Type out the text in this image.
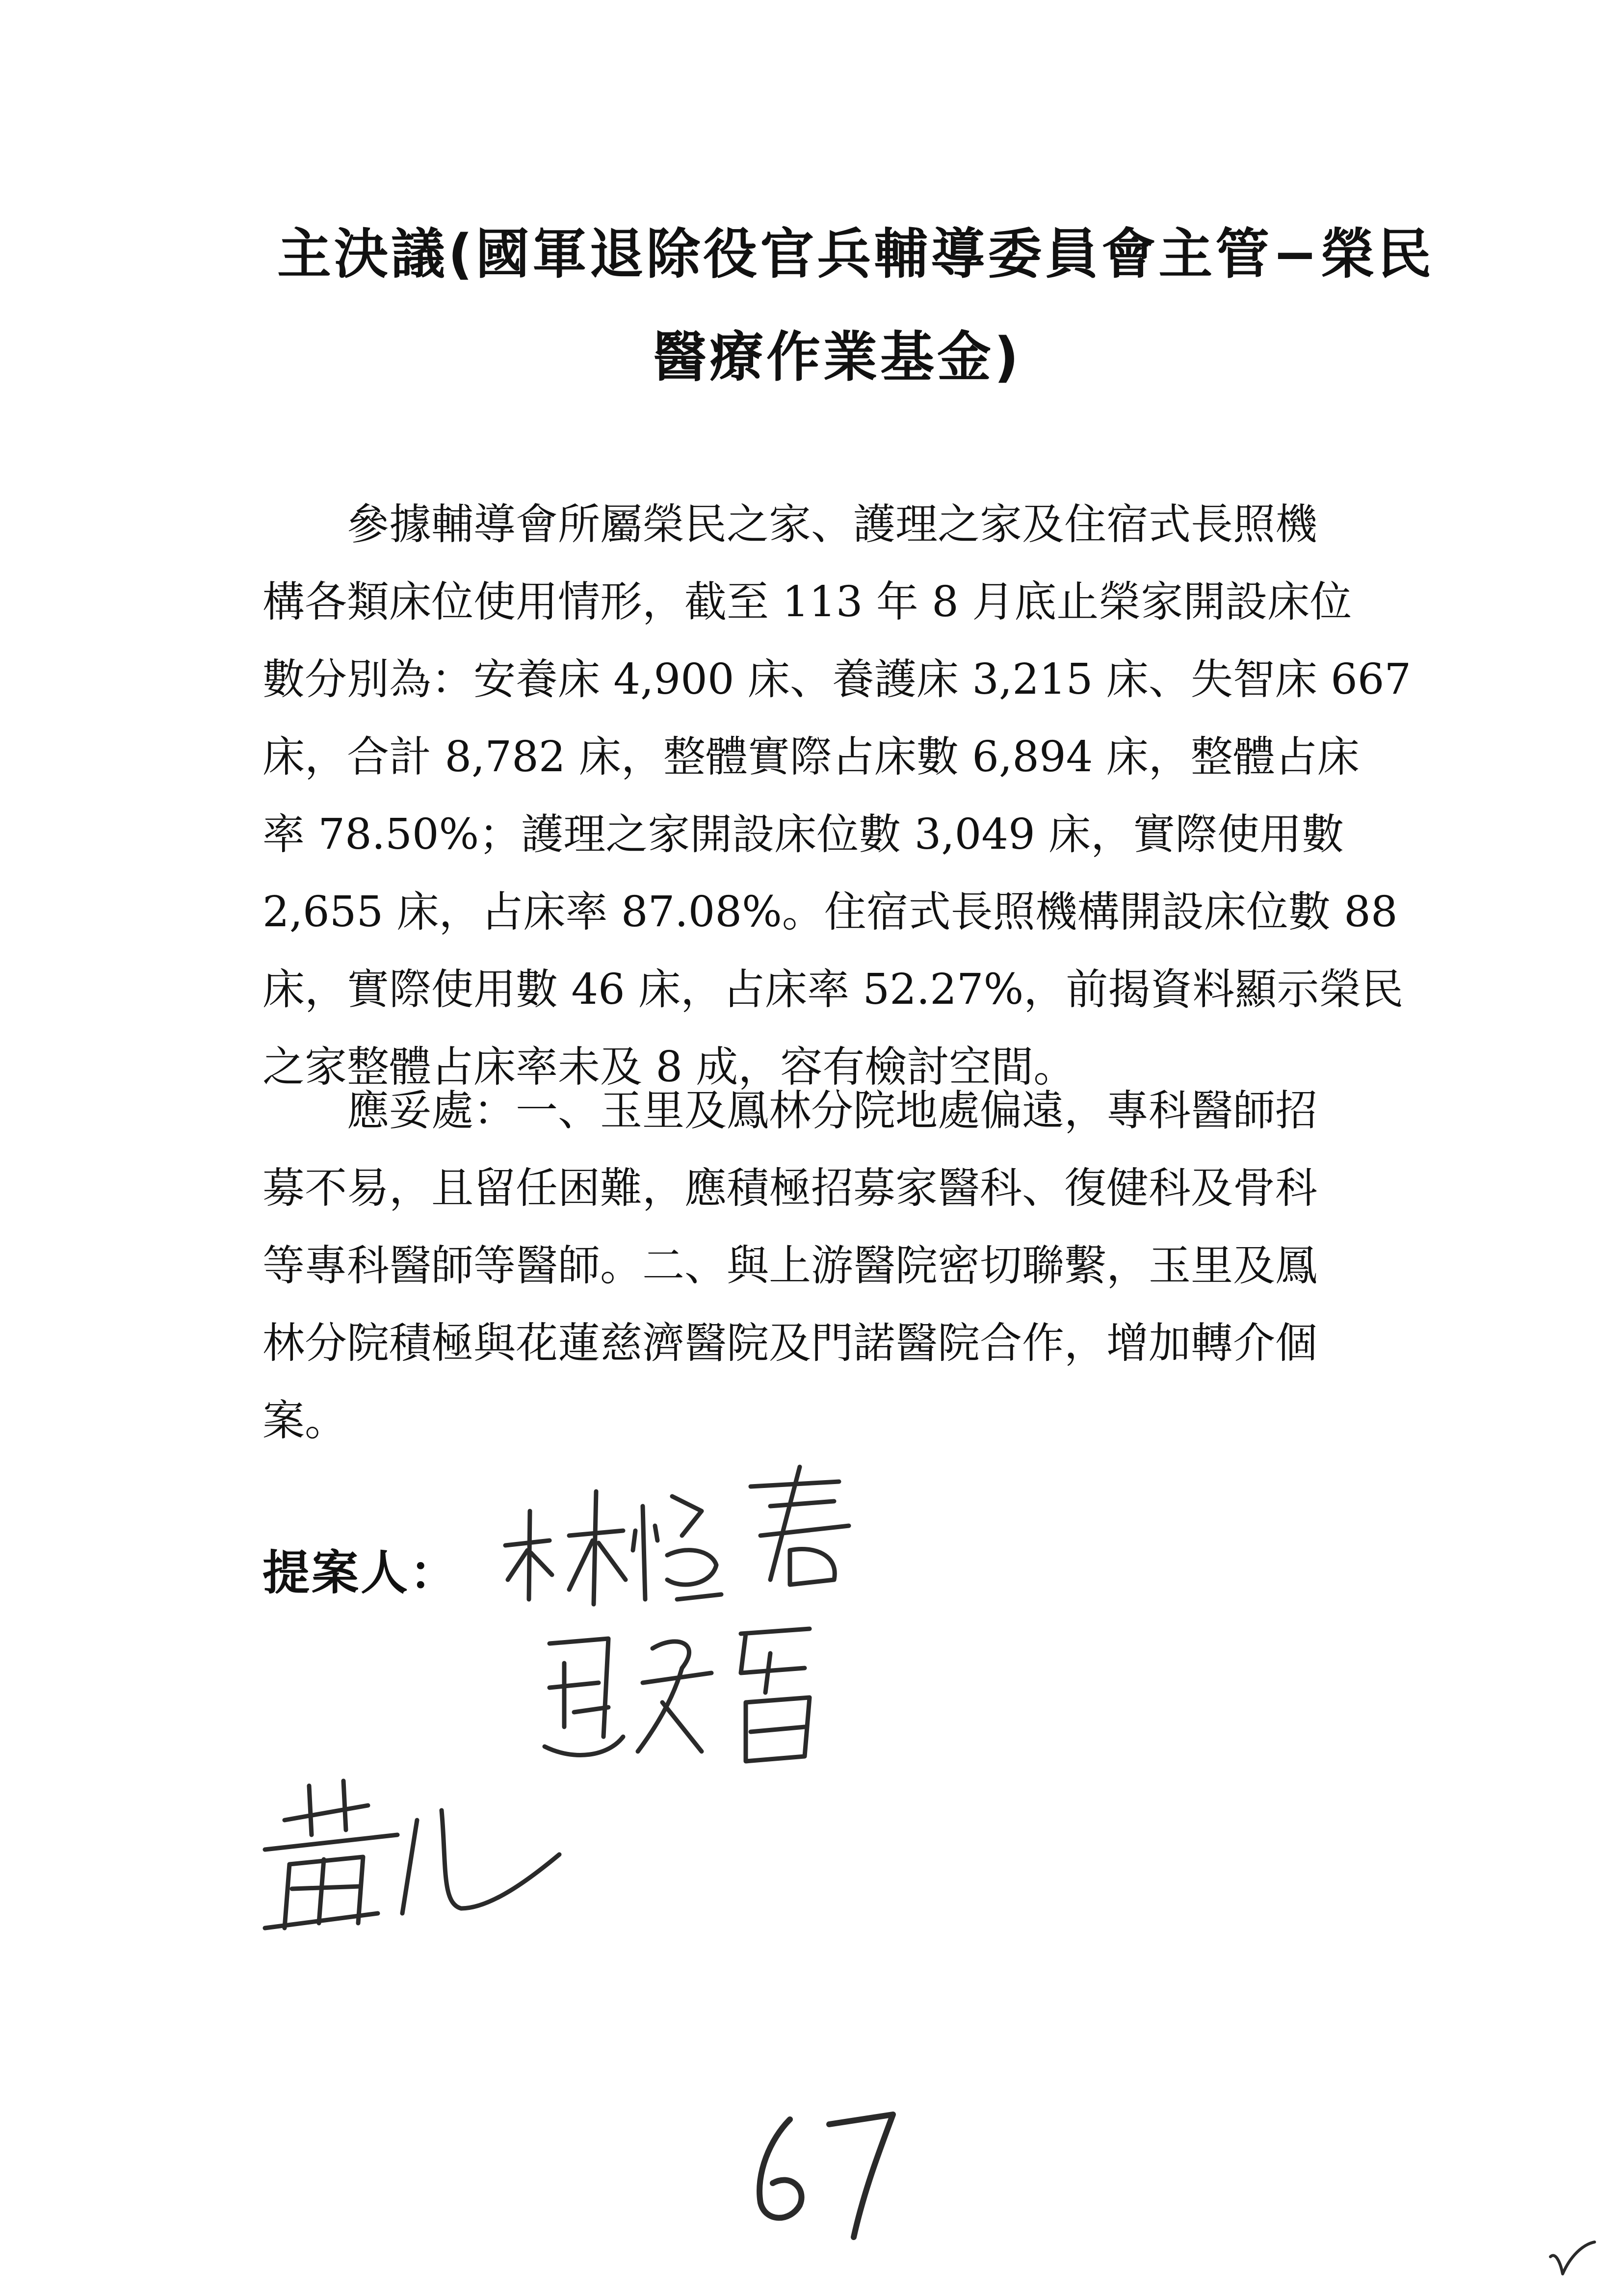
主決議(國軍退除役官兵輔導委員會主管−榮民
醫療作業基金)
　　參據輔導會所屬榮民之家、護理之家及住宿式長照機
構各類床位使用情形，截至 113 年 8 月底止榮家開設床位
數分別為：安養床 4,900 床、養護床 3,215 床、失智床 667
床，合計 8,782 床，整體實際占床數 6,894 床，整體占床
率 78.50%；護理之家開設床位數 3,049 床，實際使用數
2,655 床，占床率 87.08%。住宿式長照機構開設床位數 88
床，實際使用數 46 床，占床率 52.27%，前揭資料顯示榮民
之家整體占床率未及 8 成，容有檢討空間。
　　應妥處：一、玉里及鳳林分院地處偏遠，專科醫師招
募不易，且留任困難，應積極招募家醫科、復健科及骨科
等專科醫師等醫師。二、與上游醫院密切聯繫，玉里及鳳
林分院積極與花蓮慈濟醫院及門諾醫院合作，增加轉介個
案。
提案人：
